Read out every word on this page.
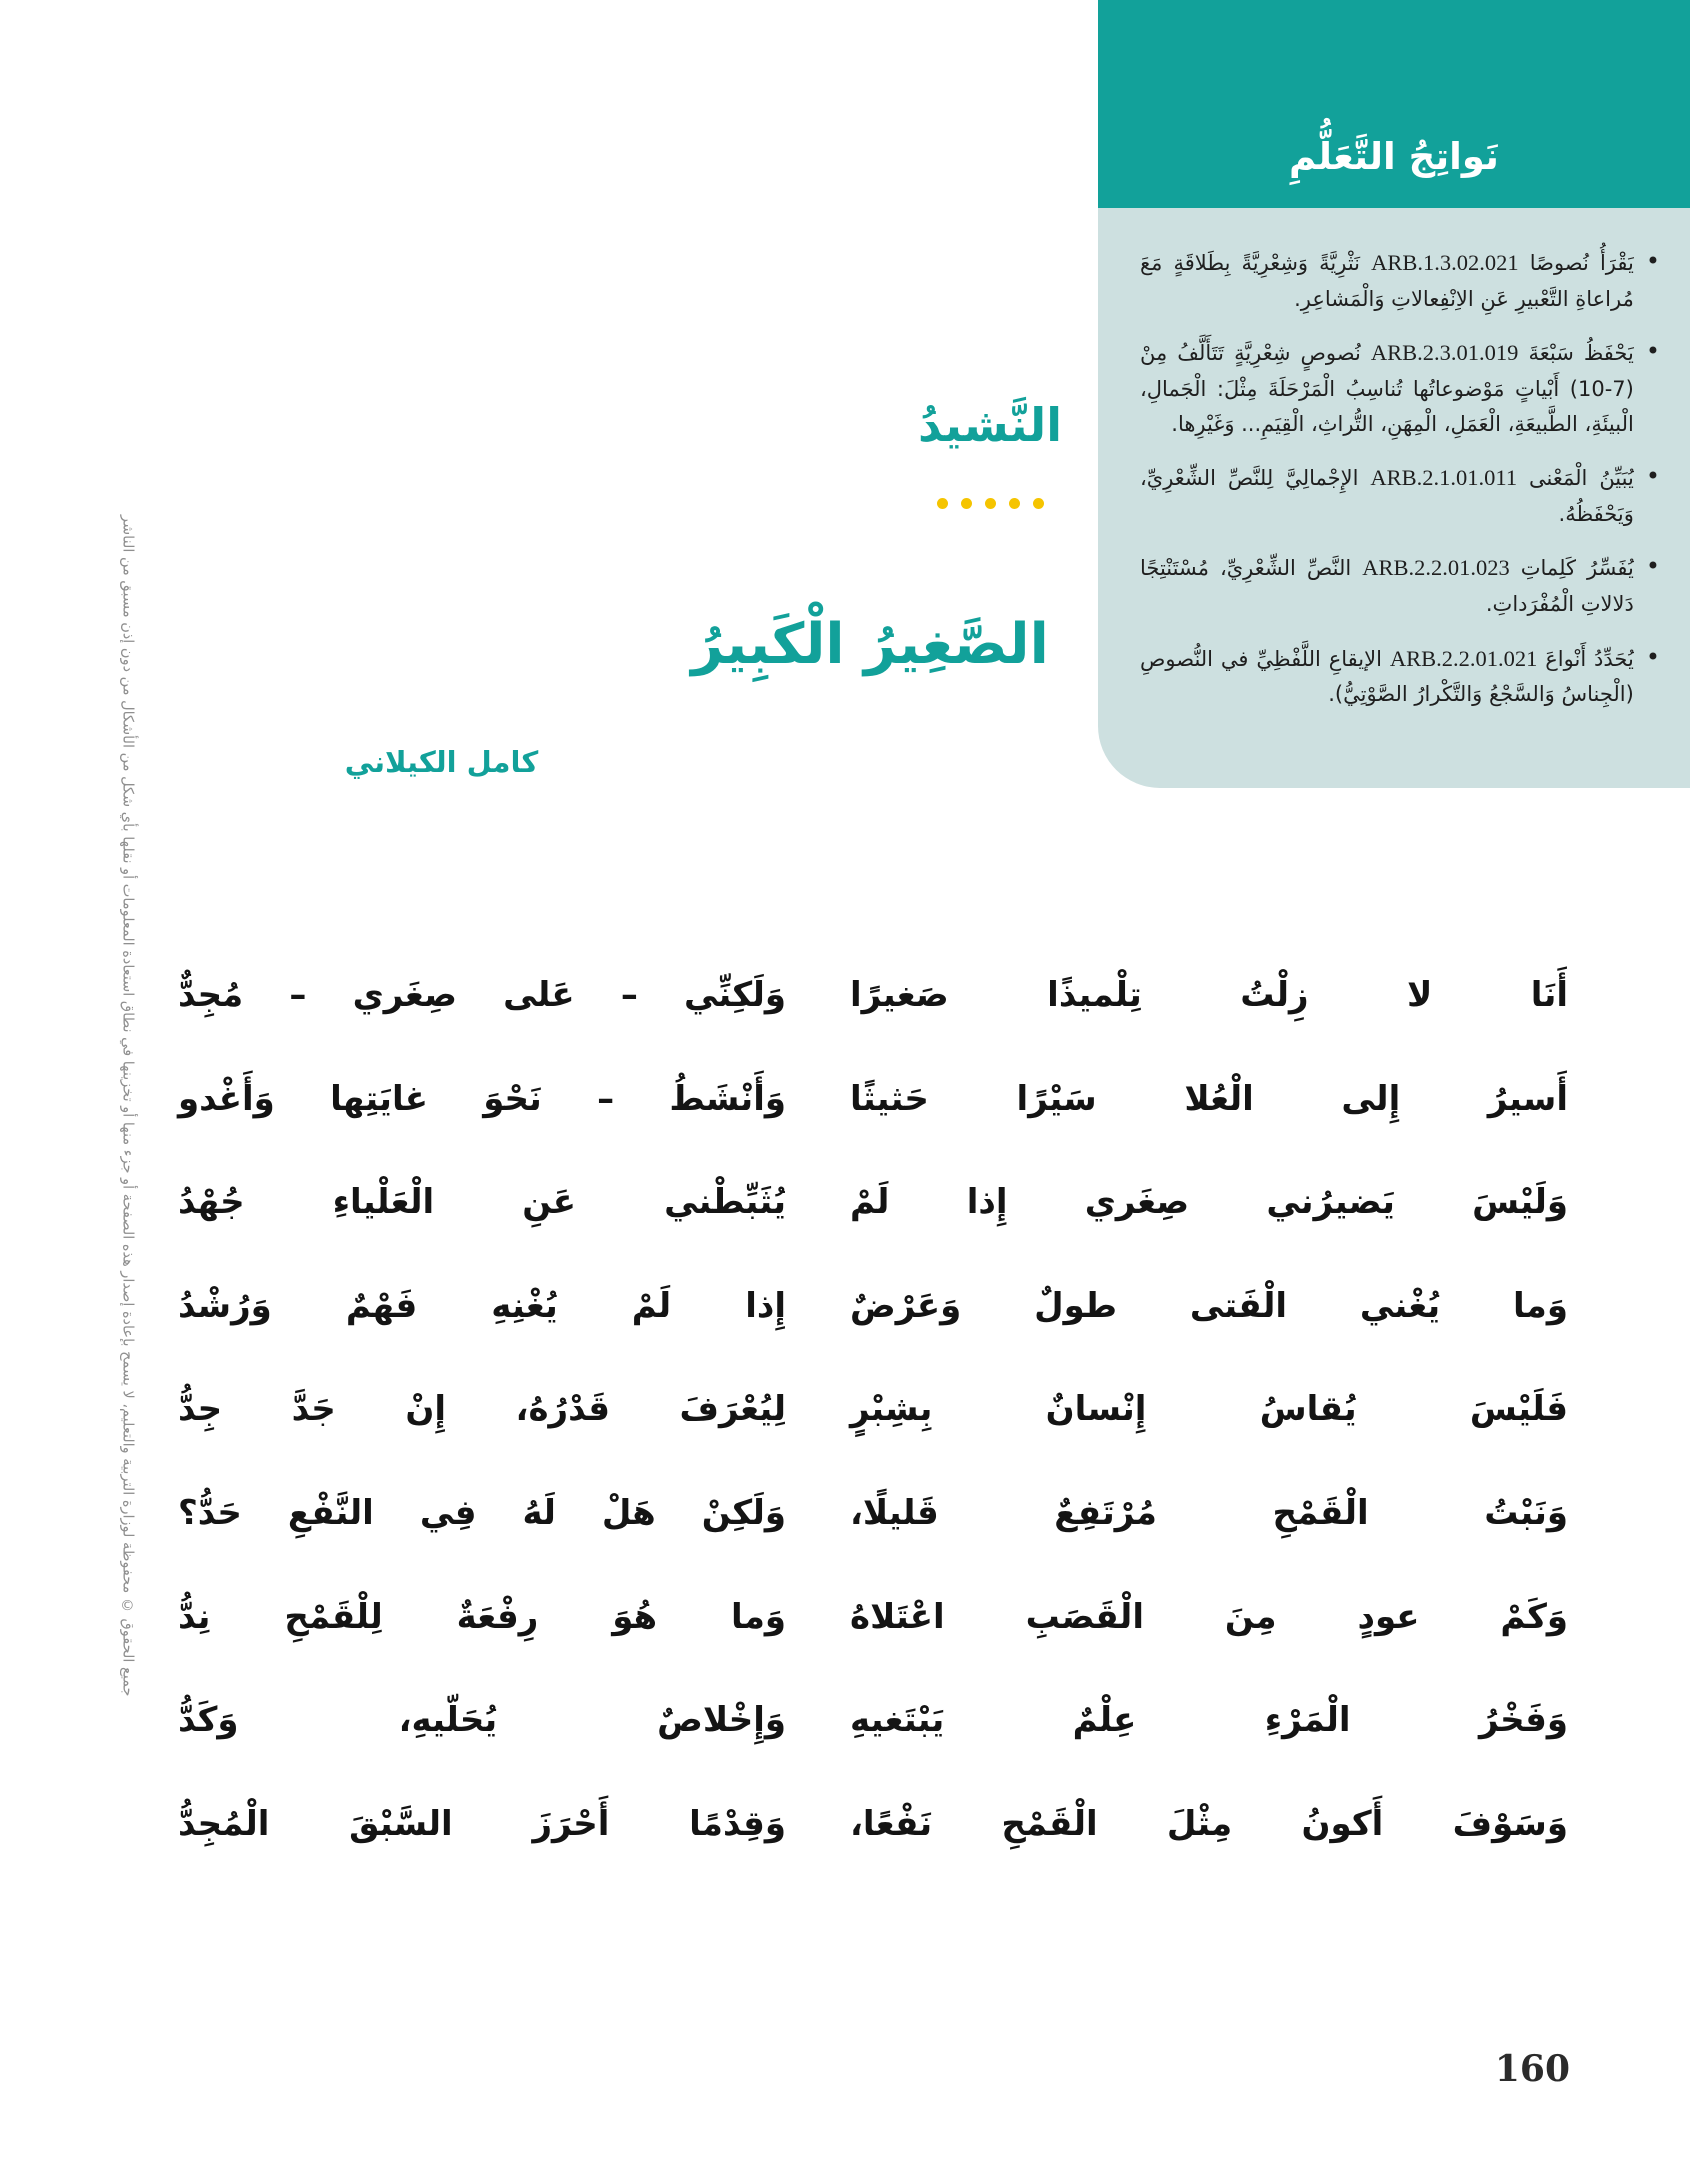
جميع الحقوق © محفوظة لوزارة التربية والتعليم، لا يسمح بإعادة إصدار هذه الصفحة أو جزء منها أو تخزينها في نطاق استعادة المعلومات أو نقلها بأي شكل من الأشكال من دون إذن مسبق من الناشر
نَواتِجُ التَّعَلُّمِ
•
يَقْرَأُ نُصوصًا ARB.1.3.02.021 نَثْرِيَّةً وَشِعْرِيَّةً بِطَلاقَةٍ مَعَ مُراعاةِ التَّعْبيرِ عَنِ الاِنْفِعالاتِ وَالْمَشاعِرِ.
•
يَحْفَظُ سَبْعَةَ ARB.2.3.01.019 نُصوصٍ شِعْرِيَّةٍ تَتَأَلَّفُ مِنْ (7-10) أَبْياتٍ مَوْضوعاتُها تُناسِبُ الْمَرْحَلَةَ مِثْلَ: الْجَمالِ، الْبيئَةِ، الطَّبيعَةِ، الْعَمَلِ، الْمِهَنِ، التُّراثِ، الْقِيَمِ... وَغَيْرِها.
•
يُبَيِّنُ الْمَعْنى ARB.2.1.01.011 الإِجْمالِيَّ لِلنَّصِّ الشِّعْرِيِّ، وَيَحْفَظُهُ.
•
يُفَسِّرُ كَلِماتِ ARB.2.2.01.023 النَّصِّ الشِّعْرِيِّ، مُسْتَنْتِجًا دَلالاتِ الْمُفْرَداتِ.
•
يُحَدِّدُ أَنْواعَ ARB.2.2.01.021 الإيقاعِ اللَّفْظِيِّ في النُّصوصِ (الْجِناسُ وَالسَّجْعُ وَالتَّكْرارُ الصَّوْتِيُّ).
النَّشيدُ
الصَّغِيرُ الْكَبِيرُ
كامل الكيلاني
أَنَا لا زِلْتُ تِلْميذًا صَغيرًا
وَلَكِنِّي – عَلى صِغَري – مُجِدٌّ
أَسيرُ إِلى الْعُلا سَيْرًا حَثيثًا
وَأَنْشَطُ – نَحْوَ غايَتِها وَأَغْدو
وَلَيْسَ يَضيرُني صِغَري إِذا لَمْ
يُثَبِّطْني عَنِ الْعَلْياءِ جُهْدُ
وَما يُغْني الْفَتى طولٌ وَعَرْضٌ
إِذا لَمْ يُغْنِهِ فَهْمٌ وَرُشْدُ
فَلَيْسَ يُقاسُ إِنْسانٌ بِشِبْرٍ
لِيُعْرَفَ قَدْرُهُ، إِنْ جَدَّ جِدُّ
وَنَبْتُ الْقَمْحِ مُرْتَفِعٌ قَليلًا،
وَلَكِنْ هَلْ لَهُ فِي النَّفْعِ حَدُّ؟
وَكَمْ عودٍ مِنَ الْقَصَبِ اعْتَلاهُ
وَما هُوَ رِفْعَةٌ لِلْقَمْحِ نِدُّ
وَفَخْرُ الْمَرْءِ عِلْمٌ يَبْتَغيهِ
وَإِخْلاصٌ يُحَلّيهِ، وَكَدُّ
وَسَوْفَ أَكونُ مِثْلَ الْقَمْحِ نَفْعًا،
وَقِدْمًا أَحْرَزَ السَّبْقَ الْمُجِدُّ
160
